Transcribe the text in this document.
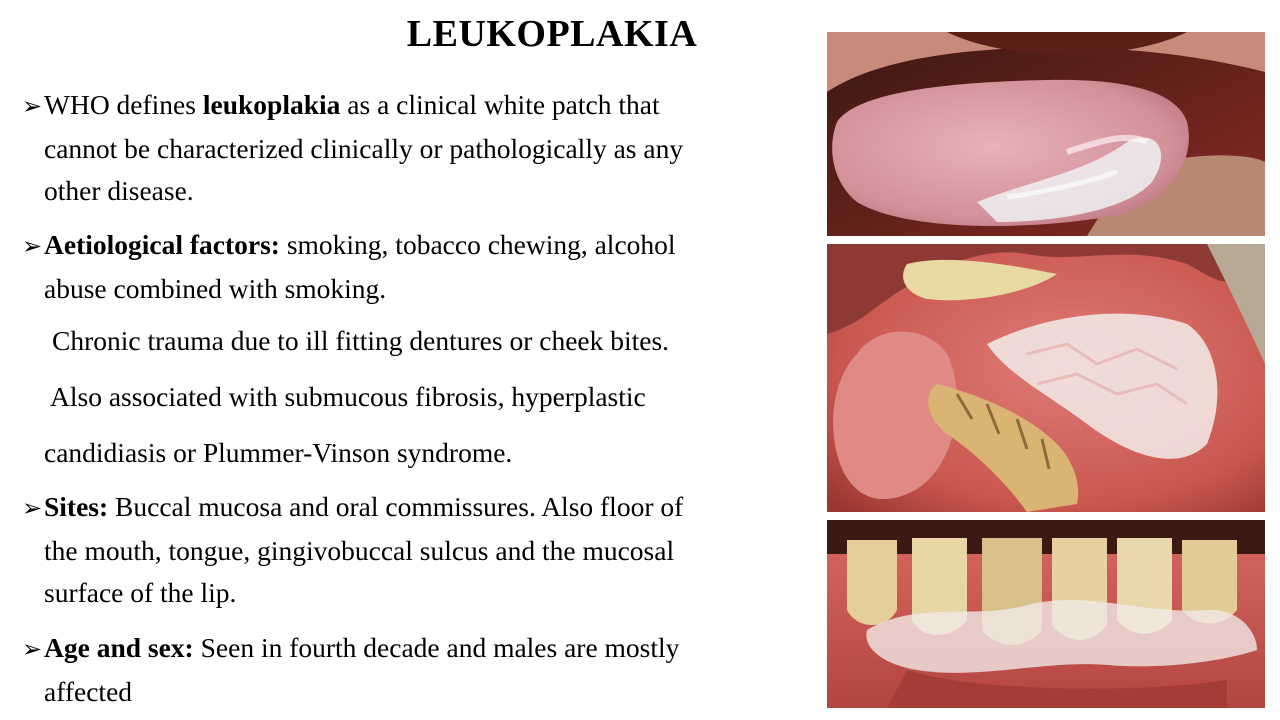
LEUKOPLAKIA
➢WHO defines leukoplakia as a clinical white patch that
cannot be characterized clinically or pathologically as any
other disease.
➢Aetiological factors: smoking, tobacco chewing, alcohol
abuse combined with smoking.
Chronic trauma due to ill fitting dentures or cheek bites.
Also associated with submucous fibrosis, hyperplastic
candidiasis or Plummer-Vinson syndrome.
➢Sites: Buccal mucosa and oral commissures. Also floor of
the mouth, tongue, gingivobuccal sulcus and the mucosal
surface of the lip.
➢Age and sex: Seen in fourth decade and males are mostly
affected
